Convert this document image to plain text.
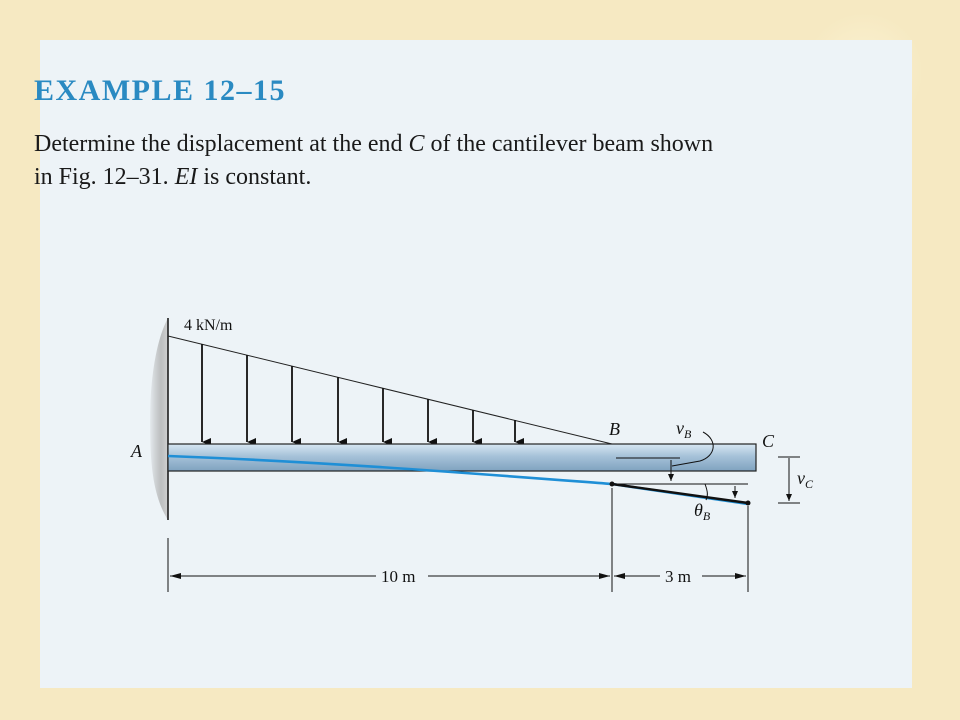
EXAMPLE 12–15
Determine the displacement at the end C of the cantilever beam shown
in Fig. 12–31. EI is constant.
4 kN/m
A
B
C
$v_B$
$\theta_B$
$v_C$
10 m	3 m
